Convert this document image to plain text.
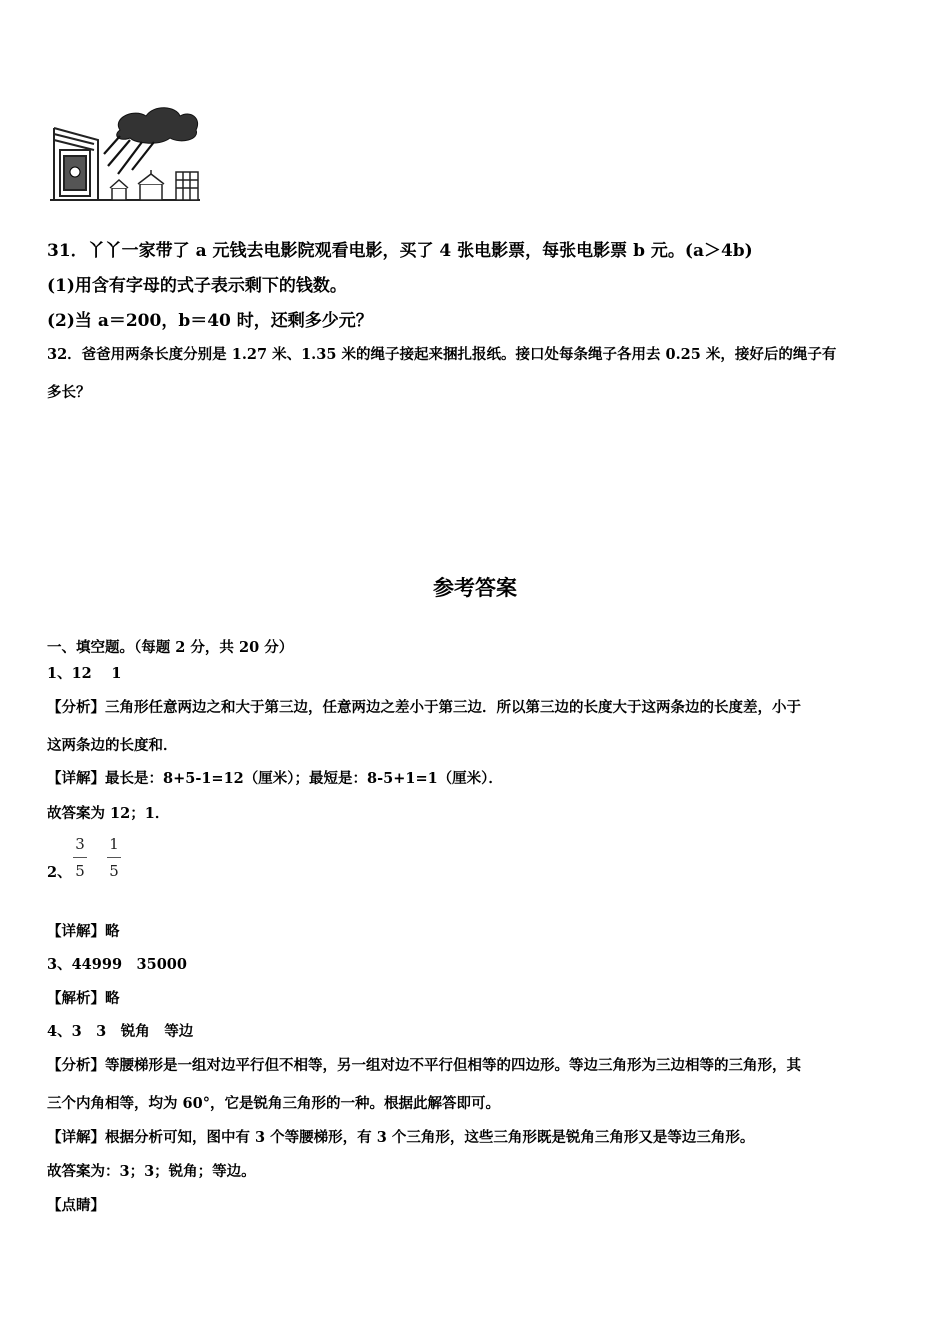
31．丫丫一家带了 a 元钱去电影院观看电影，买了 4 张电影票，每张电影票 b 元。(a＞4b)
(1)用含有字母的式子表示剩下的钱数。
(2)当 a＝200，b＝40 时，还剩多少元？
32．爸爸用两条长度分别是 1.27 米、1.35 米的绳子接起来捆扎报纸。接口处每条绳子各用去 0.25 米，接好后的绳子有
多长？
参考答案
一、填空题。（每题 2 分，共 20 分）
1、12　 1
【分析】三角形任意两边之和大于第三边，任意两边之差小于第三边．所以第三边的长度大于这两条边的长度差，小于
这两条边的长度和．
【详解】最长是：8+5-1=12（厘米）；最短是：8-5+1=1（厘米）．
故答案为 12；1．
2、
3
5
1
5
【详解】略
3、44999　35000
【解析】略
4、3　3　锐角　等边
【分析】等腰梯形是一组对边平行但不相等，另一组对边不平行但相等的四边形。等边三角形为三边相等的三角形，其
三个内角相等，均为 60°，它是锐角三角形的一种。根据此解答即可。
【详解】根据分析可知，图中有 3 个等腰梯形，有 3 个三角形，这些三角形既是锐角三角形又是等边三角形。
故答案为：3；3；锐角；等边。
【点睛】
